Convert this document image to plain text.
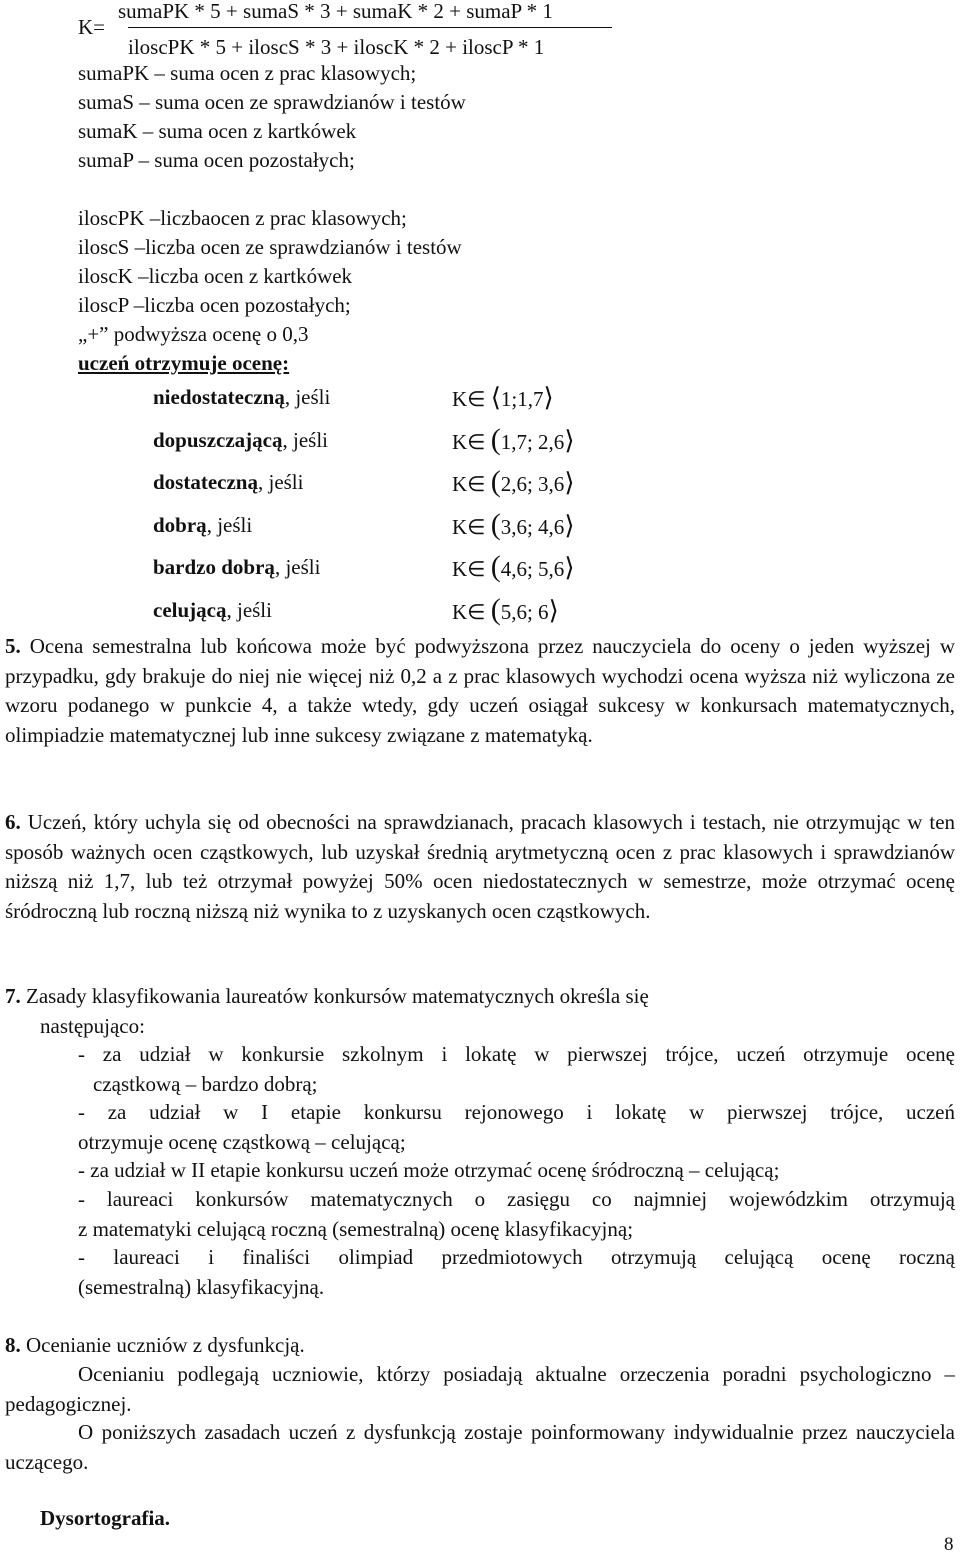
K=
sumaPK * 5 + sumaS * 3 + sumaK * 2 + sumaP * 1
iloscPK * 5 + iloscS * 3 + iloscK * 2 + iloscP * 1
sumaPK – suma ocen z prac klasowych;
sumaS – suma ocen ze sprawdzianów i testów
sumaK – suma ocen z kartkówek
sumaP – suma ocen pozostałych;
iloscPK –liczbaocen z prac klasowych;
iloscS –liczba ocen ze sprawdzianów i testów
iloscK –liczba ocen z kartkówek
iloscP –liczba ocen pozostałych;
„+” podwyższa ocenę o 0,3
uczeń otrzymuje ocenę:
niedostateczną, jeśli	K∈ ⟨1;1,7⟩
dopuszczającą, jeśli	K∈ (1,7; 2,6⟩
dostateczną, jeśli	K∈ (2,6; 3,6⟩
dobrą, jeśli	K∈ (3,6; 4,6⟩
bardzo dobrą, jeśli	K∈ (4,6; 5,6⟩
celującą, jeśli	K∈ (5,6; 6⟩
5. Ocena semestralna lub końcowa może być podwyższona przez nauczyciela do oceny o jeden wyższej w przypadku, gdy brakuje do niej nie więcej niż 0,2 a z prac klasowych wychodzi ocena wyższa niż wyliczona ze wzoru podanego w punkcie 4, a także wtedy, gdy uczeń osiągał sukcesy w konkursach matematycznych, olimpiadzie matematycznej lub inne sukcesy związane z matematyką.
6. Uczeń, który uchyla się od obecności na sprawdzianach, pracach klasowych i testach, nie otrzymując w ten sposób ważnych ocen cząstkowych, lub uzyskał średnią arytmetyczną ocen z prac klasowych i sprawdzianów niższą niż 1,7, lub też otrzymał powyżej 50% ocen niedostatecznych w semestrze, może otrzymać ocenę śródroczną lub roczną niższą niż wynika to z uzyskanych ocen cząstkowych.
7. Zasady klasyfikowania laureatów konkursów matematycznych określa się
następująco:
- za udział w konkursie szkolnym i lokatę w pierwszej trójce, uczeń otrzymuje ocenę
cząstkową – bardzo dobrą;
- za udział w I etapie konkursu rejonowego i lokatę w pierwszej trójce, uczeń
otrzymuje ocenę cząstkową – celującą;
- za udział w II etapie konkursu uczeń może otrzymać ocenę śródroczną – celującą;
- laureaci konkursów matematycznych o zasięgu co najmniej wojewódzkim otrzymują
z matematyki celującą roczną (semestralną) ocenę klasyfikacyjną;
- laureaci i finaliści olimpiad przedmiotowych otrzymują celującą ocenę roczną
(semestralną) klasyfikacyjną.
8. Ocenianie uczniów z dysfunkcją.
Ocenianiu podlegają uczniowie, którzy posiadają aktualne orzeczenia poradni psychologiczno – pedagogicznej.
O poniższych zasadach uczeń z dysfunkcją zostaje poinformowany indywidualnie przez nauczyciela uczącego.
Dysortografia.
8
